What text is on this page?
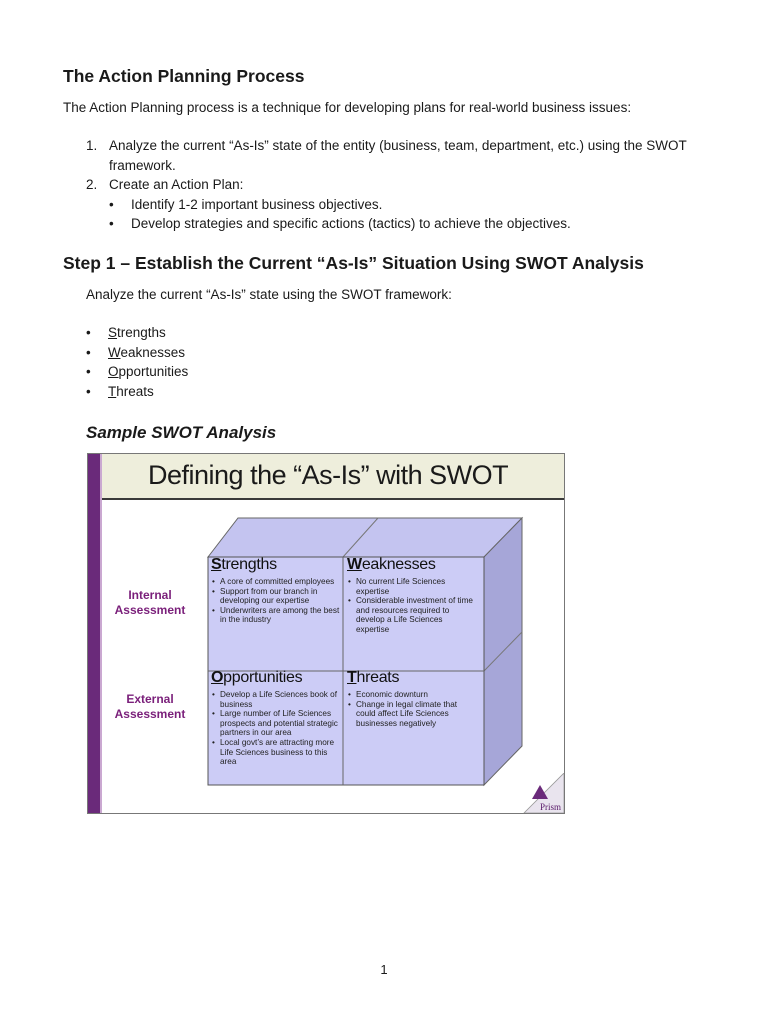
The Action Planning Process
The Action Planning process is a technique for developing plans for real-world business issues:
1. Analyze the current “As-Is” state of the entity (business, team, department, etc.) using the SWOT framework.
2. Create an Action Plan:
• Identify 1-2 important business objectives.
• Develop strategies and specific actions (tactics) to achieve the objectives.
Step 1 – Establish the Current “As-Is” Situation Using SWOT Analysis
Analyze the current “As-Is” state using the SWOT framework:
• Strengths
• Weaknesses
• Opportunities
• Threats
Sample SWOT Analysis
Defining the “As-Is” with SWOT
Internal Assessment
External Assessment
Strengths
• A core of committed employees
• Support from our branch in developing our expertise
• Underwriters are among the best in the industry
Weaknesses
• No current Life Sciences expertise
• Considerable investment of time and resources required to develop a Life Sciences expertise
Opportunities
• Develop a Life Sciences book of business
• Large number of Life Sciences prospects and potential strategic partners in our area
• Local govt’s are attracting more Life Sciences business to this area
Threats
• Economic downturn
• Change in legal climate that could affect Life Sciences businesses negatively
Prism
1
